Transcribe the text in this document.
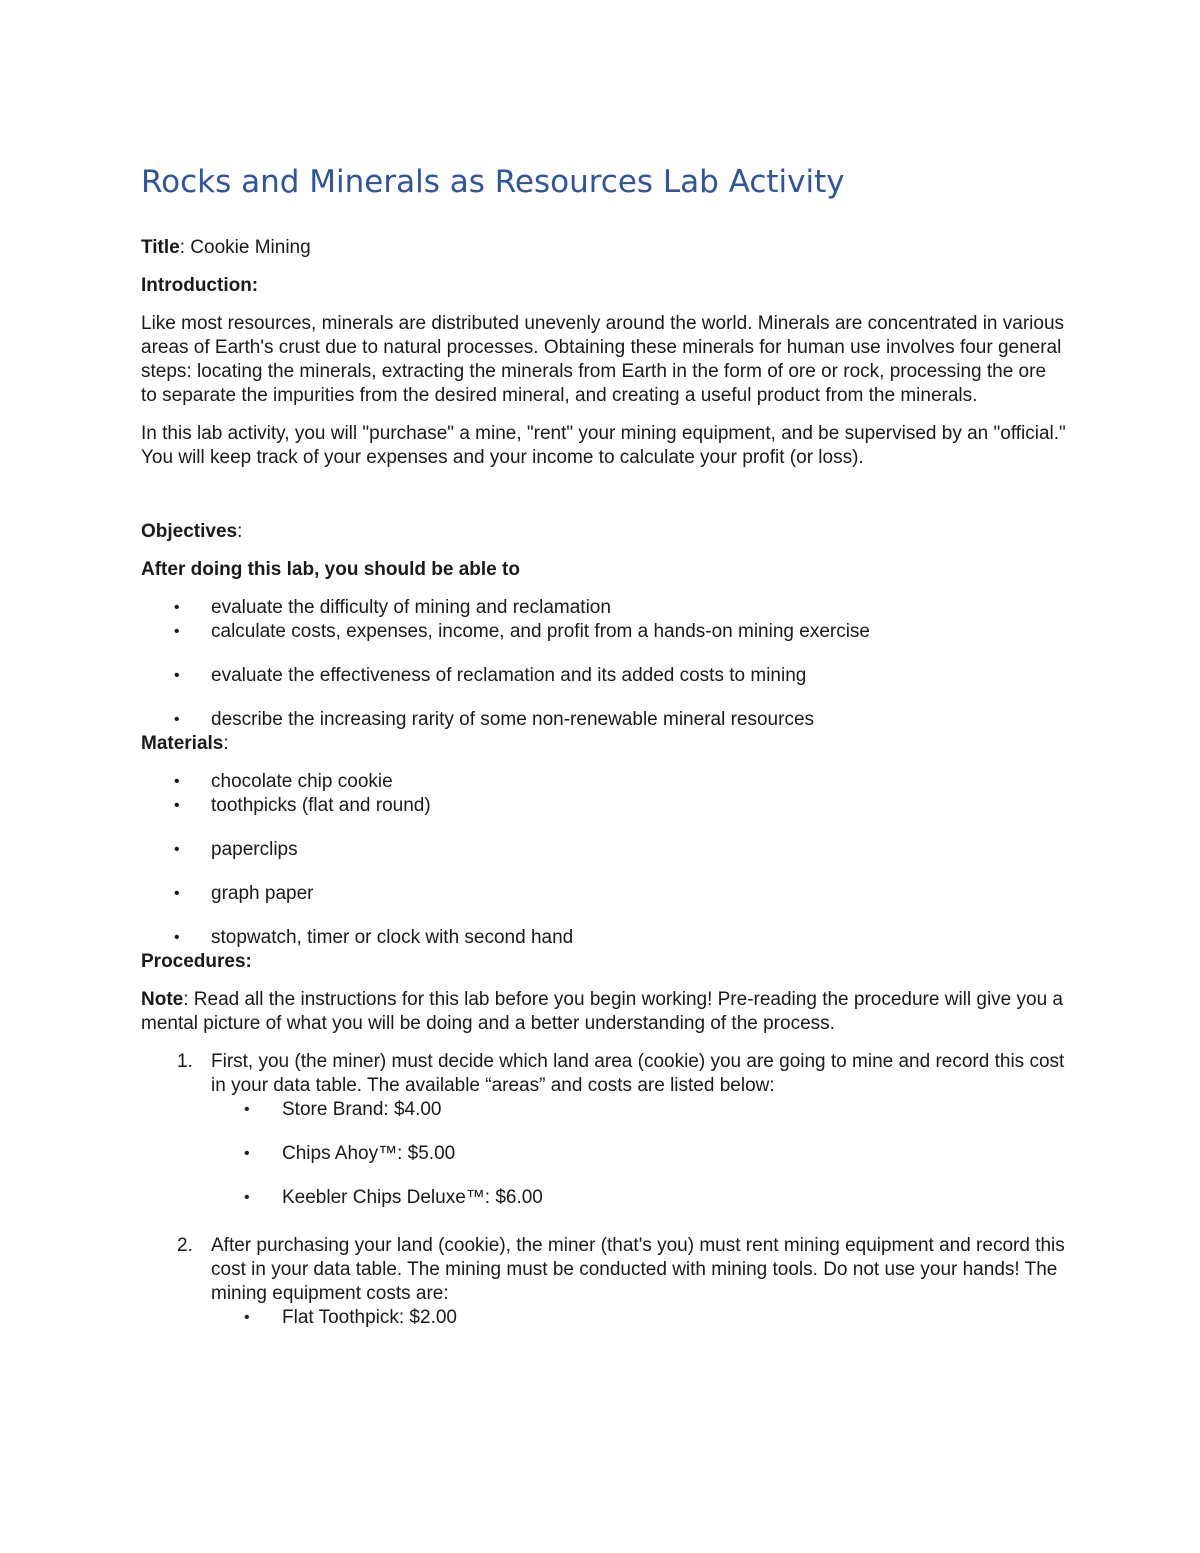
Rocks and Minerals as Resources Lab Activity

Title: Cookie Mining

Introduction:

Like most resources, minerals are distributed unevenly around the world. Minerals are concentrated in various areas of Earth's crust due to natural processes. Obtaining these minerals for human use involves four general steps: locating the minerals, extracting the minerals from Earth in the form of ore or rock, processing the ore to separate the impurities from the desired mineral, and creating a useful product from the minerals.

In this lab activity, you will "purchase" a mine, "rent" your mining equipment, and be supervised by an "official." You will keep track of your expenses and your income to calculate your profit (or loss).

Objectives:

After doing this lab, you should be able to

• evaluate the difficulty of mining and reclamation
• calculate costs, expenses, income, and profit from a hands-on mining exercise
• evaluate the effectiveness of reclamation and its added costs to mining
• describe the increasing rarity of some non-renewable mineral resources

Materials:

• chocolate chip cookie
• toothpicks (flat and round)
• paperclips
• graph paper
• stopwatch, timer or clock with second hand

Procedures:

Note: Read all the instructions for this lab before you begin working! Pre-reading the procedure will give you a mental picture of what you will be doing and a better understanding of the process.

1. First, you (the miner) must decide which land area (cookie) you are going to mine and record this cost in your data table. The available “areas” and costs are listed below:
• Store Brand: $4.00
• Chips Ahoy™: $5.00
• Keebler Chips Deluxe™: $6.00
2. After purchasing your land (cookie), the miner (that's you) must rent mining equipment and record this cost in your data table. The mining must be conducted with mining tools. Do not use your hands! The mining equipment costs are:
• Flat Toothpick: $2.00
